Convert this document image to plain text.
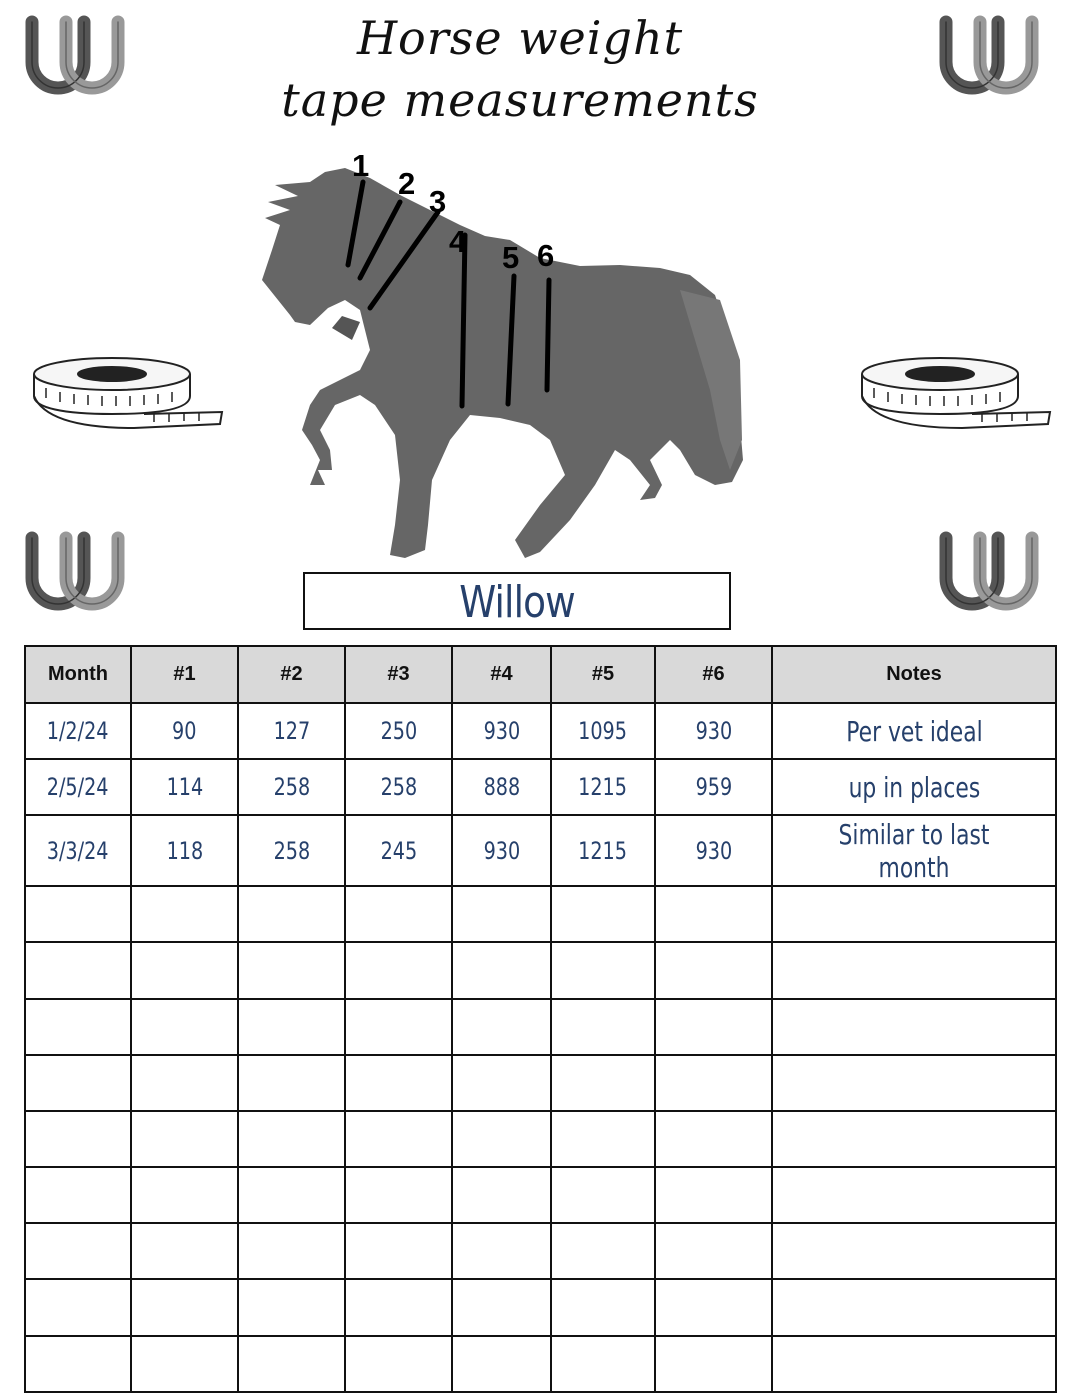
Horse weight
tape measurements
1
2
3
4 5 6
Willow
Month	#1	#2	#3	#4	#5	#6	Notes
1/2/24	90	127	250	930	1095	930	Per vet ideal
2/5/24	114	258	258	888	1215	959	up in places
3/3/24	118	258	245	930	1215	930	Similar to last month
